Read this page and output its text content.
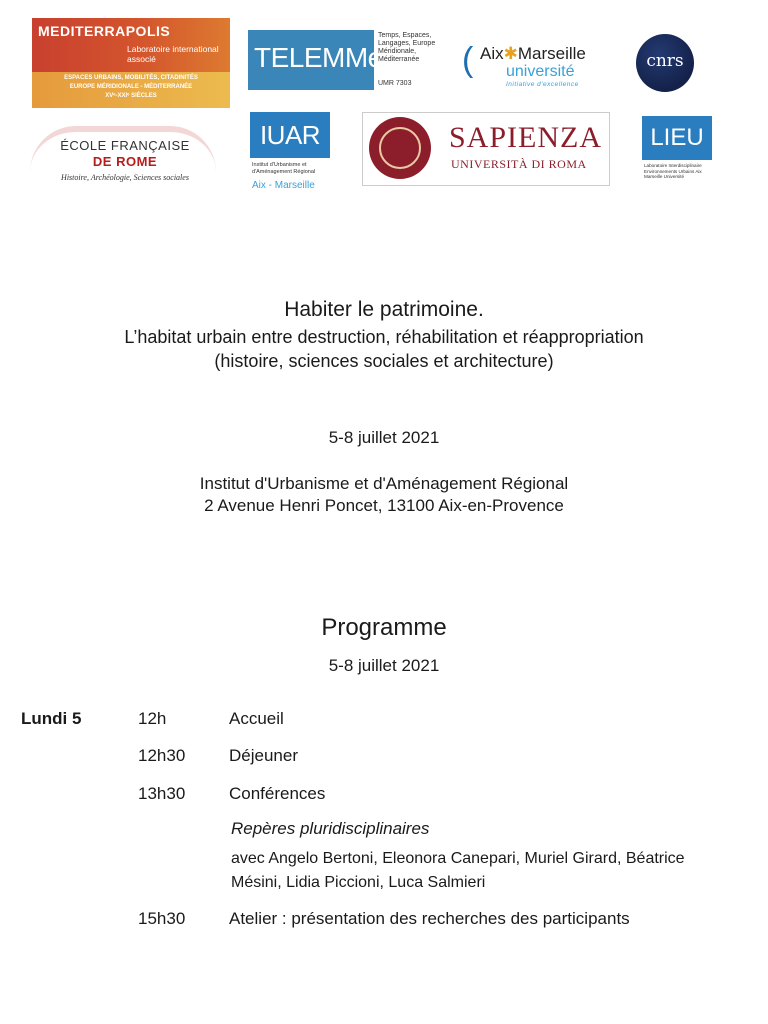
MEDITERRAPOLIS
Laboratoire international associé
ESPACES URBAINS, MOBILITÉS, CITADINITÉS
EUROPE MÉRIDIONALE - MÉDITERRANÉE
XVᵉ-XXIᵉ SIÈCLES
TELEMMe
Temps, Espaces, Langages, Europe Méridionale, Méditerranée
UMR 7303
( Aix✱Marseille
université
Initiative d'excellence
cnrs
ÉCOLE FRANÇAISE
DE ROME
Histoire, Archéologie, Sciences sociales
IUAR
Institut d'Urbanisme et d'Aménagement Régional
Aix - Marseille
SAPIENZA
UNIVERSITÀ DI ROMA
LIEU
Laboratoire Interdisciplinaire Environnements Urbains Aix Marseille Université
Habiter le patrimoine.
L’habitat urbain entre destruction, réhabilitation et réappropriation
(histoire, sciences sociales et architecture)
5-8 juillet 2021
Institut d'Urbanisme et d'Aménagement Régional
2 Avenue Henri Poncet, 13100 Aix-en-Provence
Programme
5-8 juillet 2021
Lundi 5	12h	Accueil
12h30	Déjeuner
13h30	Conférences
Repères pluridisciplinaires
avec Angelo Bertoni, Eleonora Canepari, Muriel Girard, Béatrice
Mésini, Lidia Piccioni, Luca Salmieri
15h30	Atelier : présentation des recherches des participants
